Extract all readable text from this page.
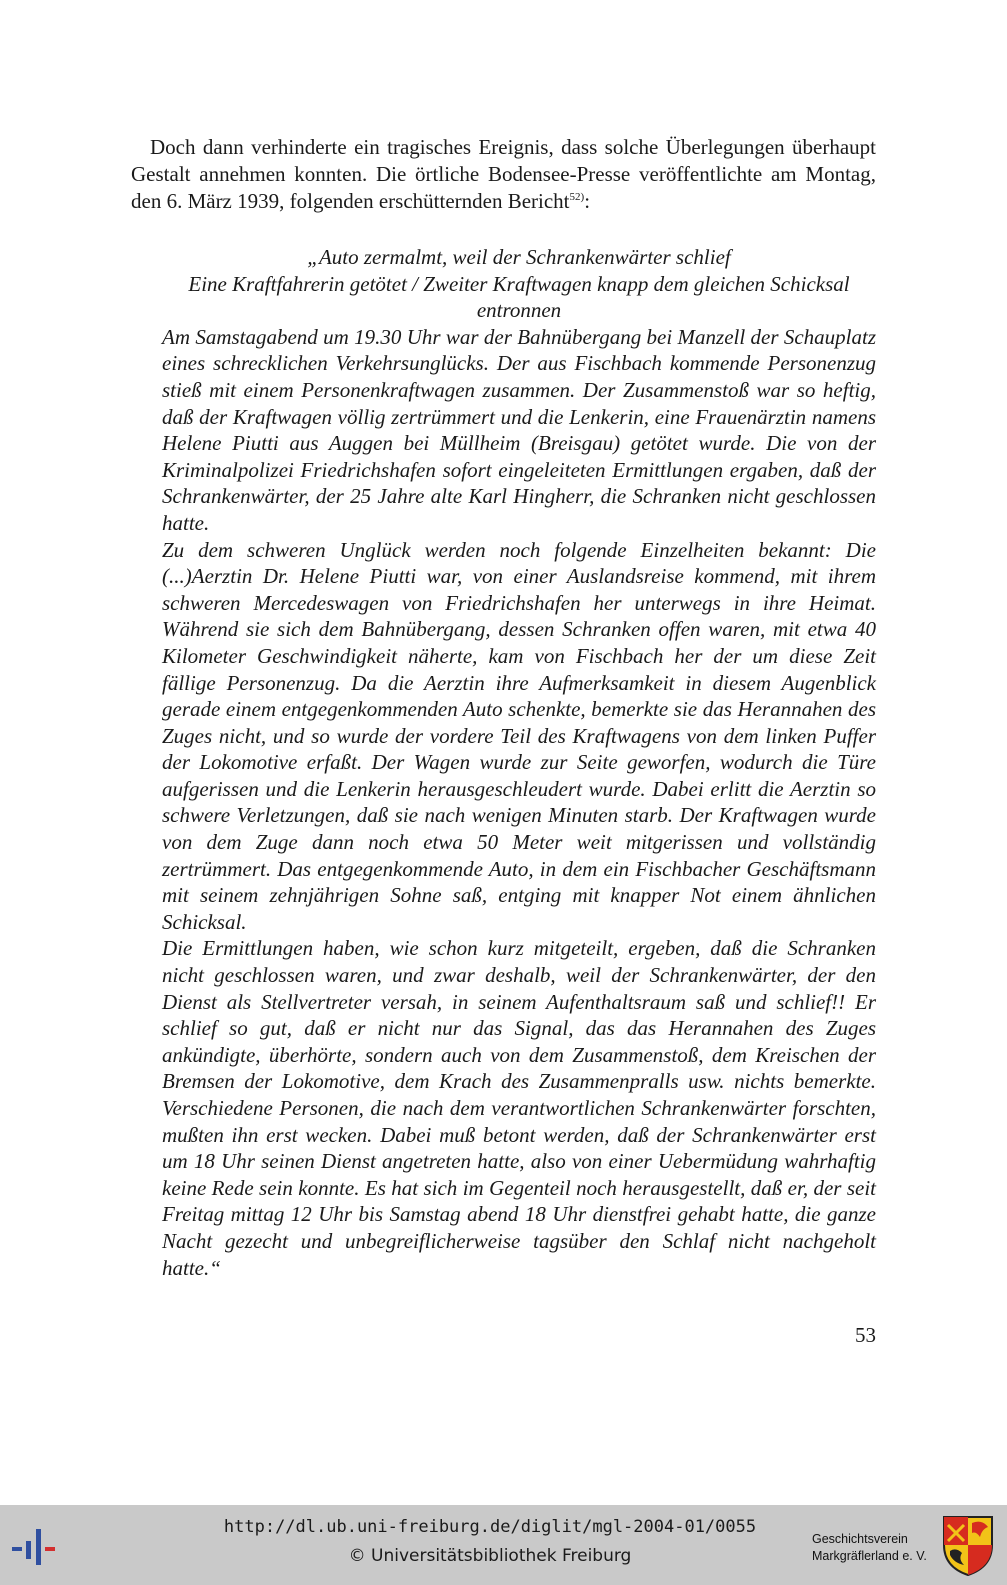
Doch dann verhinderte ein tragisches Ereignis, dass solche Überlegungen überhaupt Gestalt annehmen konnten. Die örtliche Bodensee-Presse veröffentlichte am Montag, den 6. März 1939, folgenden erschütternden Bericht$^{52)}$:
„Auto zermalmt, weil der Schrankenwärter schlief
Eine Kraftfahrerin getötet / Zweiter Kraftwagen knapp dem gleichen Schicksal entronnen

Am Samstagabend um 19.30 Uhr war der Bahnübergang bei Manzell der Schauplatz eines schrecklichen Verkehrsunglücks. Der aus Fischbach kommende Personenzug stieß mit einem Personenkraftwagen zusammen. Der Zusammenstoß war so heftig, daß der Kraftwagen völlig zertrümmert und die Lenkerin, eine Frauenärztin namens Helene Piutti aus Auggen bei Müllheim (Breisgau) getötet wurde. Die von der Kriminalpolizei Friedrichshafen sofort eingeleiteten Ermittlungen ergaben, daß der Schrankenwärter, der 25 Jahre alte Karl Hingherr, die Schranken nicht geschlossen hatte.

Zu dem schweren Unglück werden noch folgende Einzelheiten bekannt: Die (...)Aerztin Dr. Helene Piutti war, von einer Auslandsreise kommend, mit ihrem schweren Mercedeswagen von Friedrichshafen her unterwegs in ihre Heimat. Während sie sich dem Bahnübergang, dessen Schranken offen waren, mit etwa 40 Kilometer Geschwindigkeit näherte, kam von Fischbach her der um diese Zeit fällige Personenzug. Da die Aerztin ihre Aufmerksamkeit in diesem Augenblick gerade einem entgegenkommenden Auto schenkte, bemerkte sie das Herannahen des Zuges nicht, und so wurde der vordere Teil des Kraftwagens von dem linken Puffer der Lokomotive erfaßt. Der Wagen wurde zur Seite geworfen, wodurch die Türe aufgerissen und die Lenkerin herausgeschleudert wurde. Dabei erlitt die Aerztin so schwere Verletzungen, daß sie nach wenigen Minuten starb. Der Kraftwagen wurde von dem Zuge dann noch etwa 50 Meter weit mitgerissen und vollständig zertrümmert. Das entgegenkommende Auto, in dem ein Fischbacher Geschäftsmann mit seinem zehnjährigen Sohne saß, entging mit knapper Not einem ähnlichen Schicksal.

Die Ermittlungen haben, wie schon kurz mitgeteilt, ergeben, daß die Schranken nicht geschlossen waren, und zwar deshalb, weil der Schrankenwärter, der den Dienst als Stellvertreter versah, in seinem Aufenthaltsraum saß und schlief!! Er schlief so gut, daß er nicht nur das Signal, das das Herannahen des Zuges ankündigte, überhörte, sondern auch von dem Zusammenstoß, dem Kreischen der Bremsen der Lokomotive, dem Krach des Zusammenpralls usw. nichts bemerkte. Verschiedene Personen, die nach dem verantwortlichen Schrankenwärter forschten, mußten ihn erst wecken. Dabei muß betont werden, daß der Schrankenwärter erst um 18 Uhr seinen Dienst angetreten hatte, also von einer Uebermüdung wahrhaftig keine Rede sein konnte. Es hat sich im Gegenteil noch herausgestellt, daß er, der seit Freitag mittag 12 Uhr bis Samstag abend 18 Uhr dienstfrei gehabt hatte, die ganze Nacht gezecht und unbegreiflicherweise tagsüber den Schlaf nicht nachgeholt hatte.“

53
http://dl.ub.uni-freiburg.de/diglit/mgl-2004-01/0055
© Universitätsbibliothek Freiburg
Geschichtsverein
Markgräflerland e. V.
